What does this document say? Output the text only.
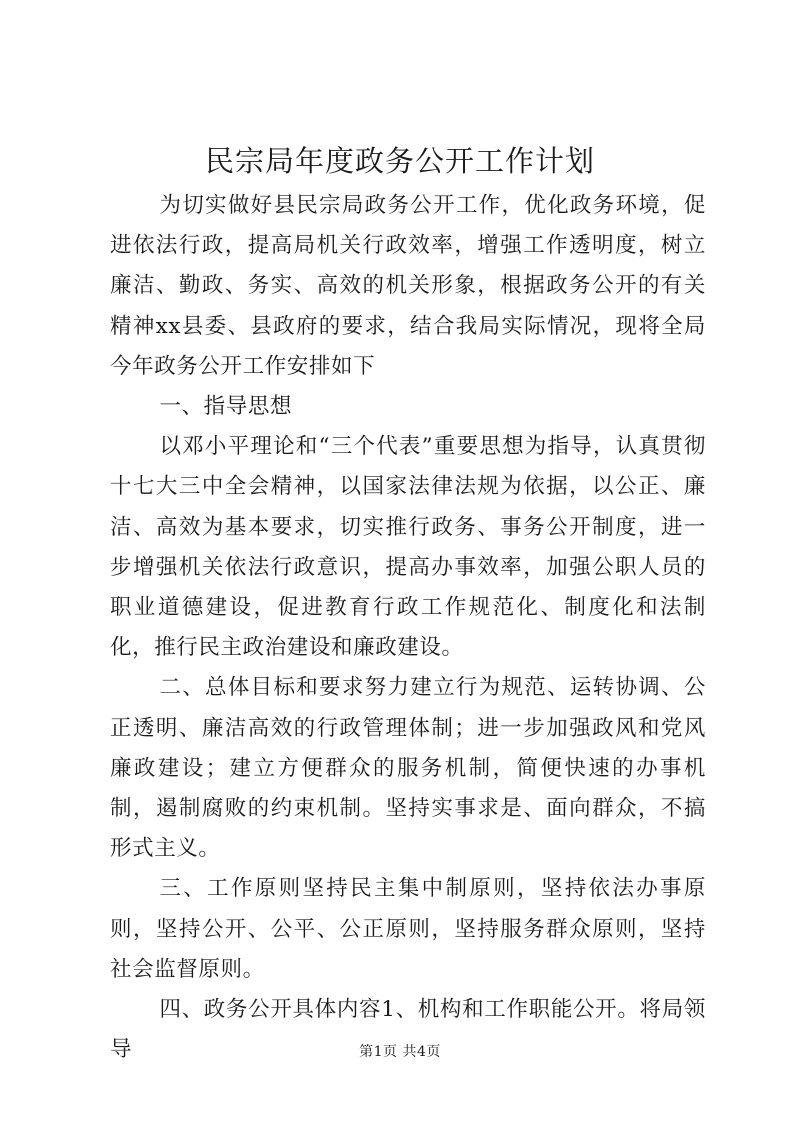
民宗局年度政务公开工作计划

为切实做好县民宗局政务公开工作，优化政务环境，促进依法行政，提高局机关行政效率，增强工作透明度，树立廉洁、勤政、务实、高效的机关形象，根据政务公开的有关精神xx县委、县政府的要求，结合我局实际情况，现将全局今年政务公开工作安排如下

一、指导思想

以邓小平理论和“三个代表”重要思想为指导，认真贯彻十七大三中全会精神，以国家法律法规为依据，以公正、廉洁、高效为基本要求，切实推行政务、事务公开制度，进一步增强机关依法行政意识，提高办事效率，加强公职人员的职业道德建设，促进教育行政工作规范化、制度化和法制化，推行民主政治建设和廉政建设。

二、总体目标和要求努力建立行为规范、运转协调、公正透明、廉洁高效的行政管理体制；进一步加强政风和党风廉政建设；建立方便群众的服务机制，简便快速的办事机制，遏制腐败的约束机制。坚持实事求是、面向群众，不搞形式主义。

三、工作原则坚持民主集中制原则，坚持依法办事原则，坚持公开、公平、公正原则，坚持服务群众原则，坚持社会监督原则。

四、政务公开具体内容1、机构和工作职能公开。将局领导	第1页 共4页
